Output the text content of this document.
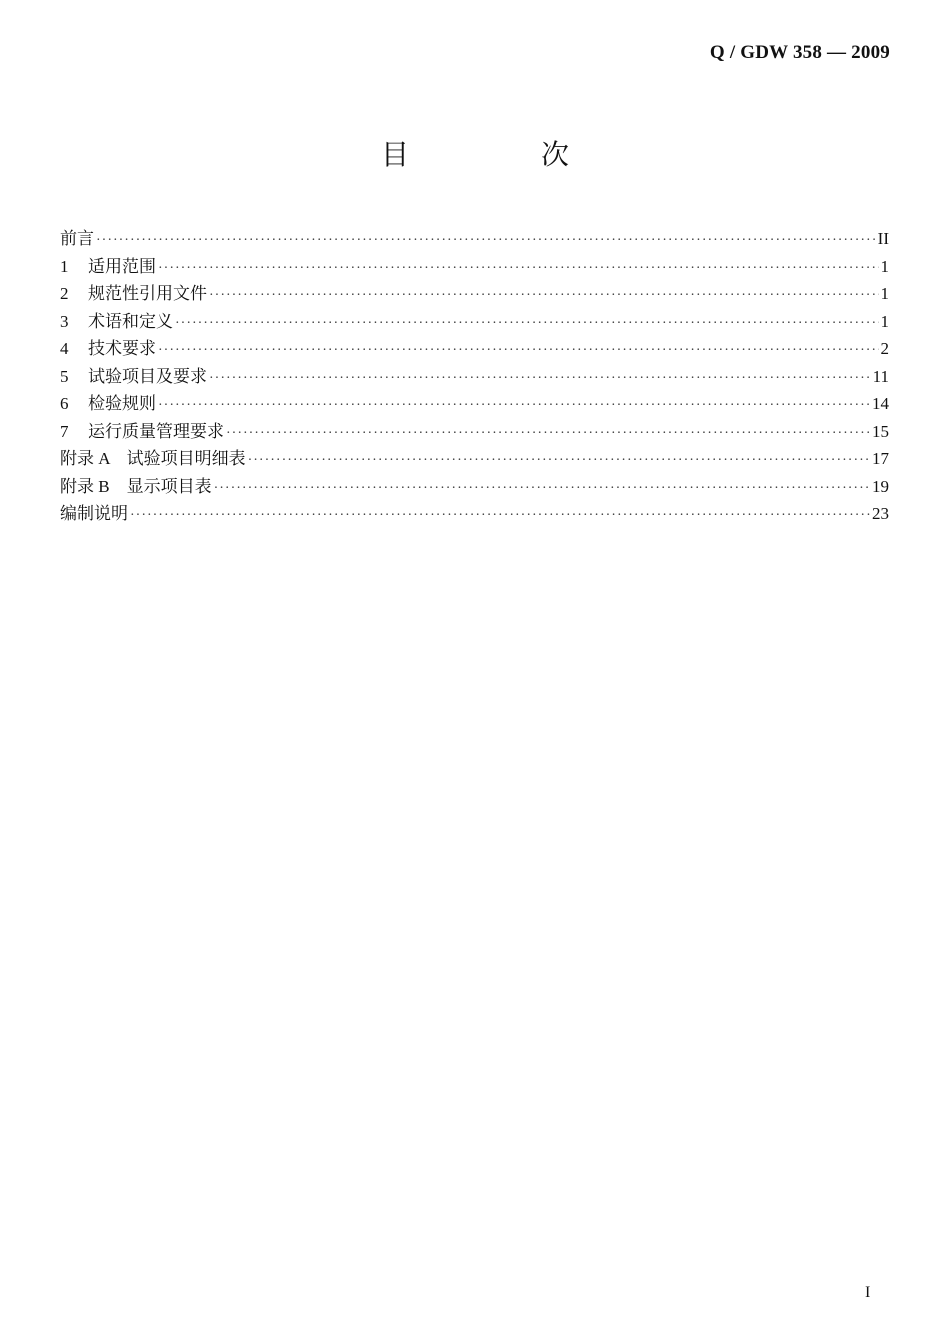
Q / GDW 358 — 2009
目　次
前言 ·····	II
1	适用范围 ·····	1
2	规范性引用文件 ·····	1
3	术语和定义 ·····	1
4	技术要求 ·····	2
5	试验项目及要求 ·····	11
6	检验规则 ·····	14
7	运行质量管理要求 ·····	15
附录 A　试验项目明细表 ·····	17
附录 B　显示项目表 ·····	19
编制说明 ·····	23
I
